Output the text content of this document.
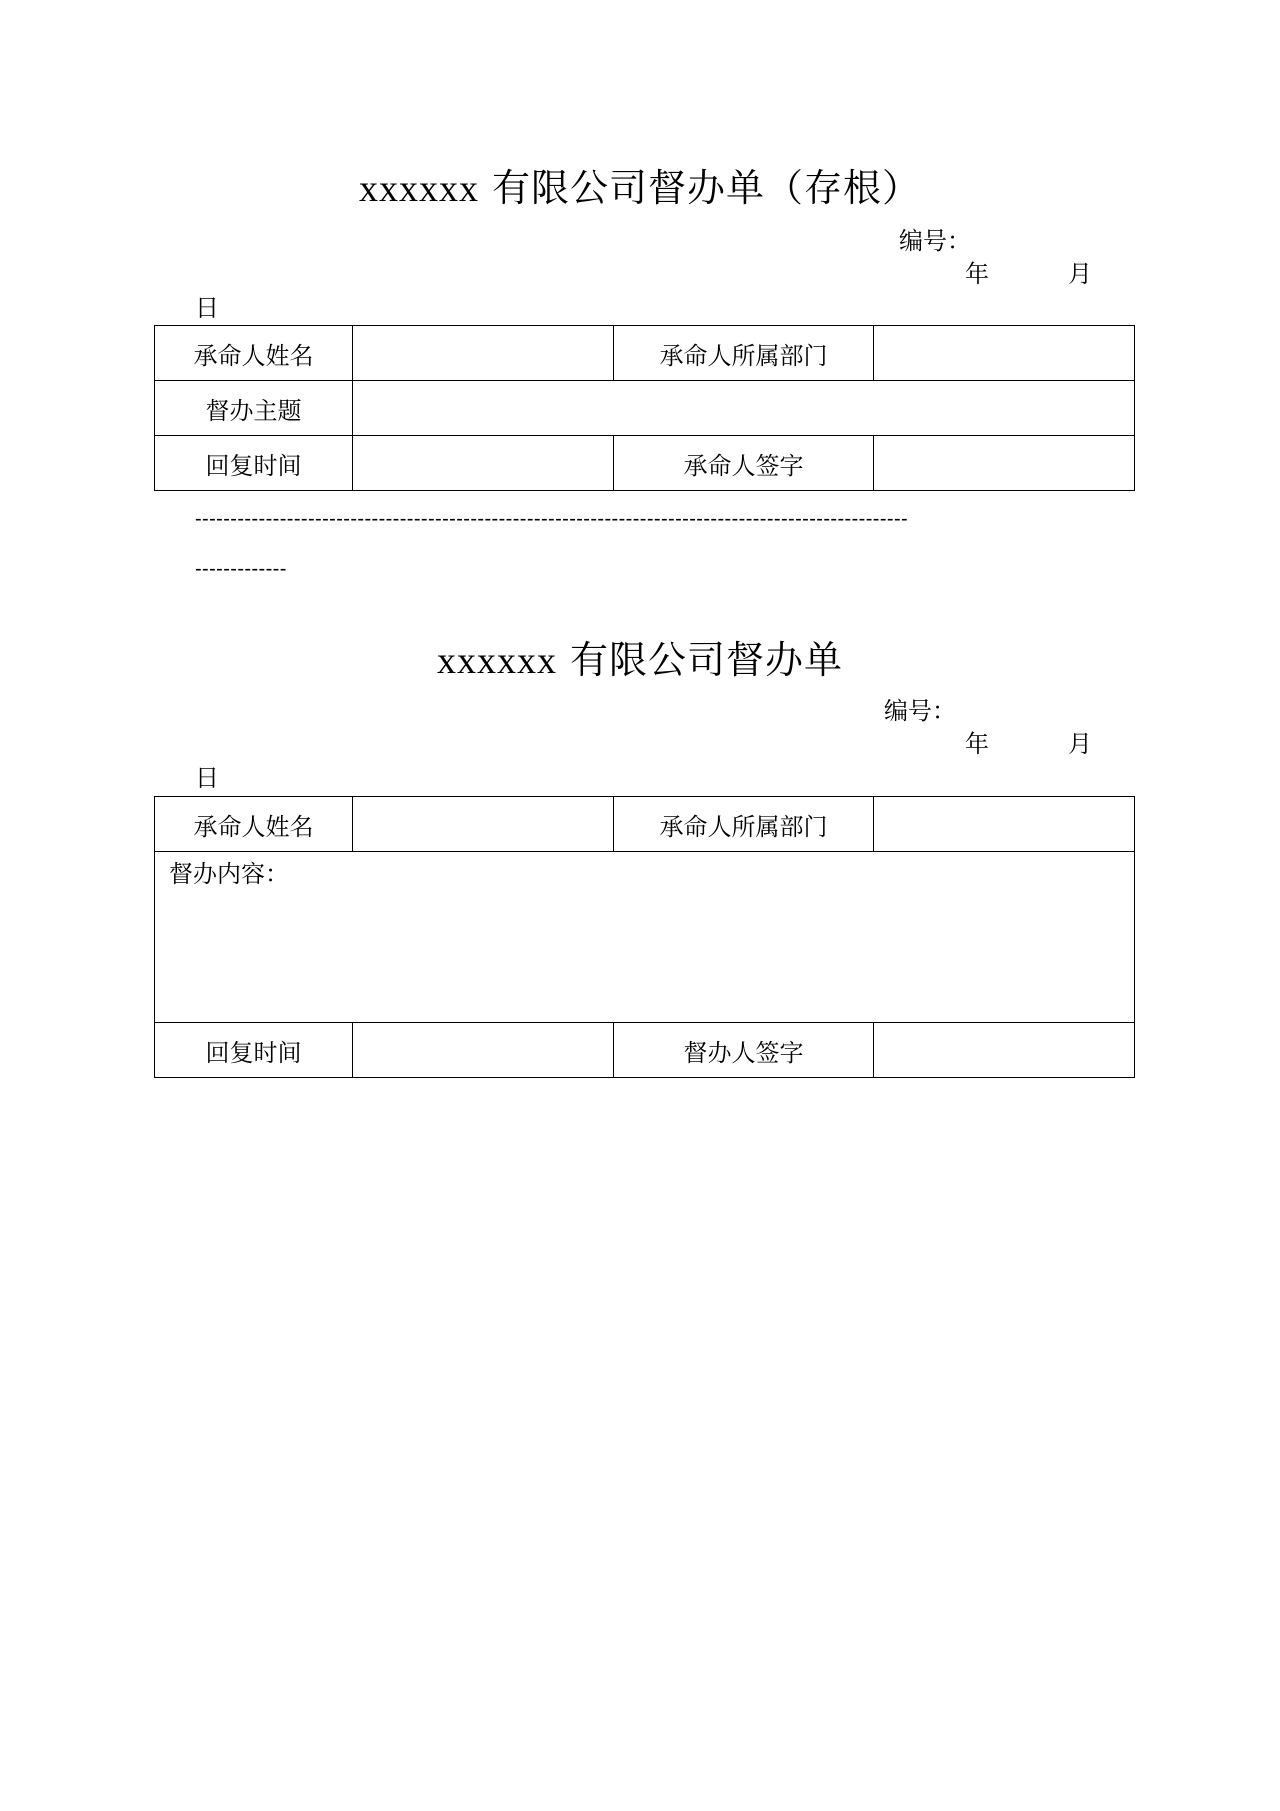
xxxxxx 有限公司督办单（存根）
编号：
年	月
日
承命人姓名		承命人所属部门	
督办主题			
回复时间		承命人签字	
-----------------------------------------------------------------------------------------------------
-------------
xxxxxx 有限公司督办单
编号：
年	月
日
承命人姓名		承命人所属部门	
督办内容：			
回复时间		督办人签字	
